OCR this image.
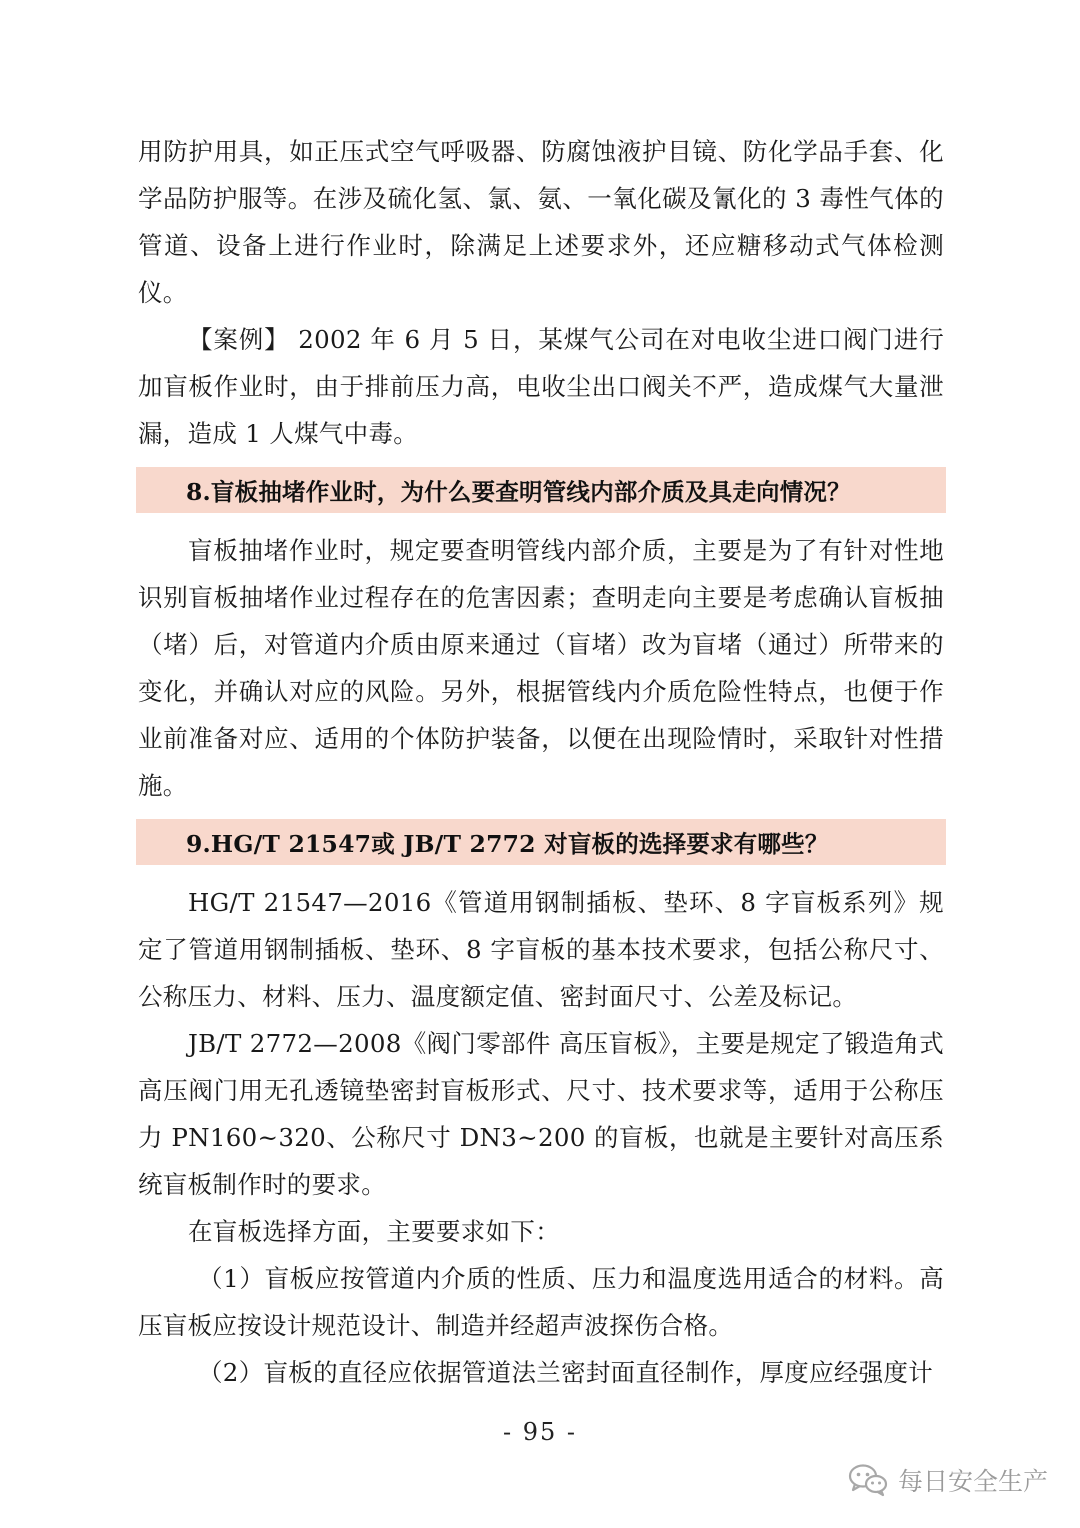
用防护用具，如正压式空气呼吸器、防腐蚀液护目镜、防化学品手套、化学品防护服等。在涉及硫化氢、氯、氨、一氧化碳及氰化的 3 毒性气体的管道、设备上进行作业时，除满足上述要求外，还应糖移动式气体检测仪。

【案例】 2002 年 6 月 5 日，某煤气公司在对电收尘进口阀门进行加盲板作业时，由于排前压力高，电收尘出口阀关不严，造成煤气大量泄漏，造成 1 人煤气中毒。

8.盲板抽堵作业时，为什么要查明管线内部介质及具走向情况？

盲板抽堵作业时，规定要查明管线内部介质，主要是为了有针对性地识别盲板抽堵作业过程存在的危害因素；查明走向主要是考虑确认盲板抽（堵）后，对管道内介质由原来通过（盲堵）改为盲堵（通过）所带来的变化，并确认对应的风险。另外，根据管线内介质危险性特点，也便于作业前准备对应、适用的个体防护装备，以便在出现险情时，采取针对性措施。

9.HG/T 21547或 JB/T 2772 对盲板的选择要求有哪些？

HG/T 21547—2016《管道用钢制插板、垫环、8 字盲板系列》规定了管道用钢制插板、垫环、8 字盲板的基本技术要求，包括公称尺寸、公称压力、材料、压力、温度额定值、密封面尺寸、公差及标记。

JB/T 2772—2008《阀门零部件 高压盲板》，主要是规定了锻造角式高压阀门用无孔透镜垫密封盲板形式、尺寸、技术要求等，适用于公称压力 PN160~320、公称尺寸 DN3~200 的盲板，也就是主要针对高压系统盲板制作时的要求。

在盲板选择方面，主要要求如下：

（1）盲板应按管道内介质的性质、压力和温度选用适合的材料。高压盲板应按设计规范设计、制造并经超声波探伤合格。

（2）盲板的直径应依据管道法兰密封面直径制作，厚度应经强度计

- 95 -
每日安全生产
